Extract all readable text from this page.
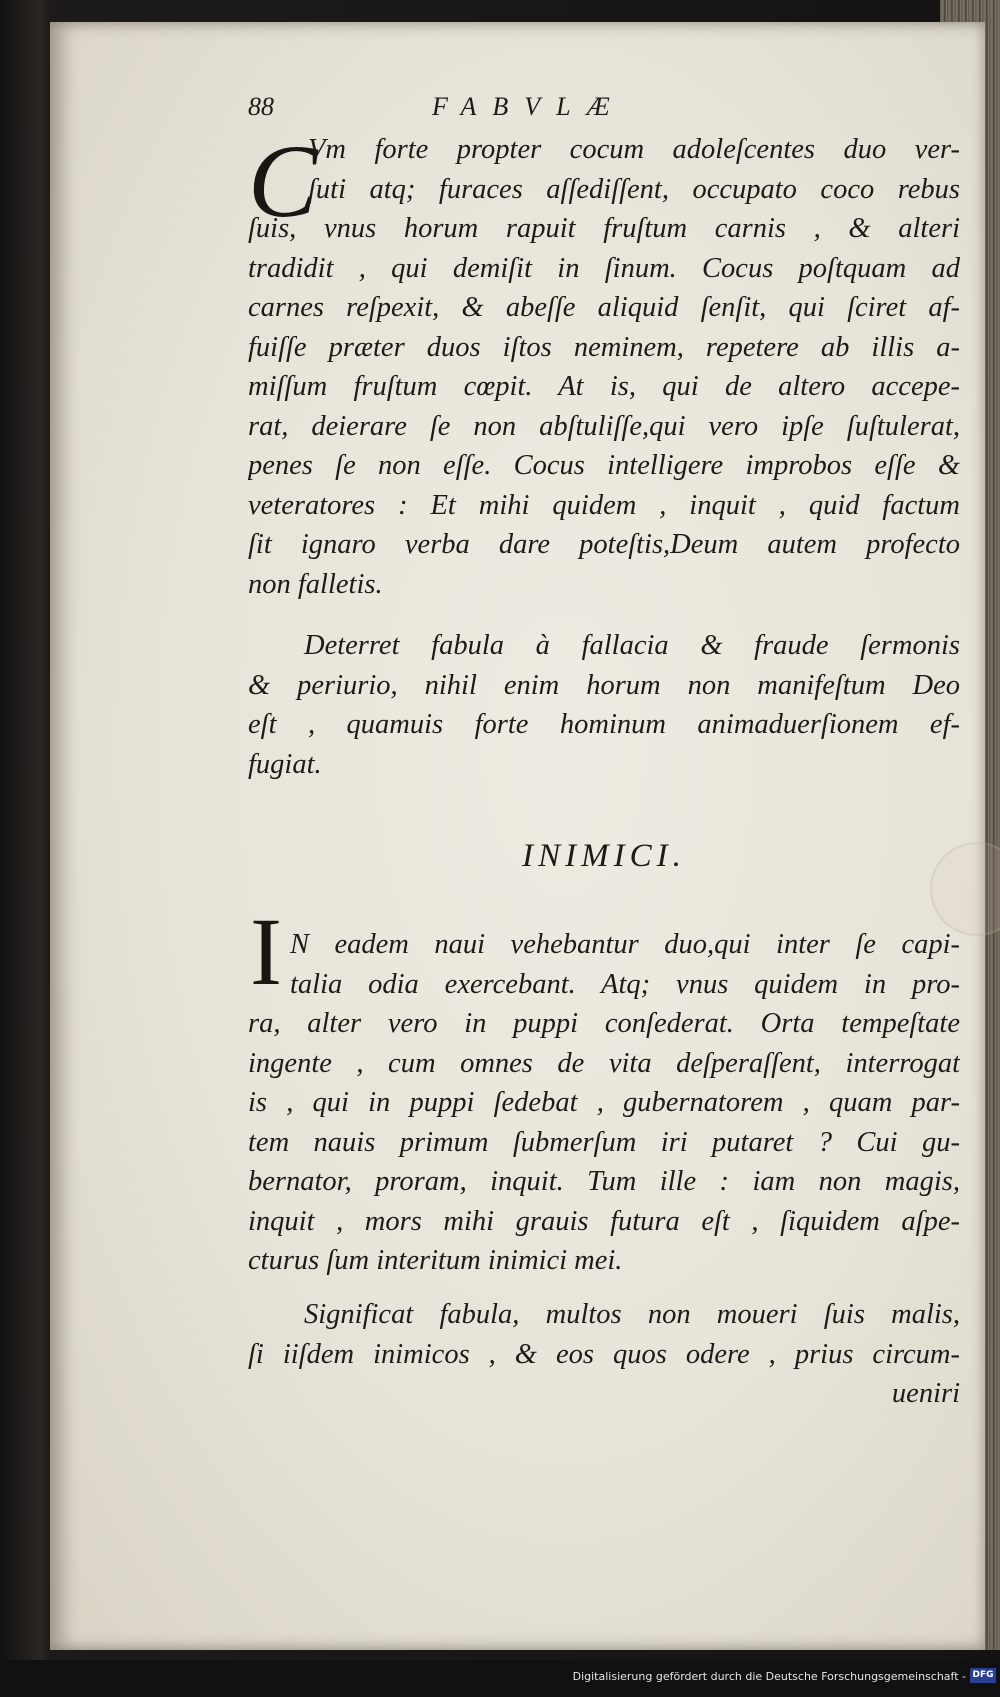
88	FABVLÆ
C
Vm forte propter cocum adoleſcentes duo ver-
ſuti atq; furaces aſſediſſent, occupato coco rebus
ſuis, vnus horum rapuit fruſtum carnis , & alteri
tradidit , qui demiſit in ſinum. Cocus poſtquam ad
carnes reſpexit, & abeſſe aliquid ſenſit, qui ſciret af-
fuiſſe præter duos iſtos neminem, repetere ab illis a-
miſſum fruſtum cœpit. At is, qui de altero accepe-
rat, deierare ſe non abſtuliſſe,qui vero ipſe ſuſtulerat,
penes ſe non eſſe. Cocus intelligere improbos eſſe &
veteratores : Et mihi quidem , inquit , quid factum
ſit ignaro verba dare poteſtis,Deum autem profecto
non falletis.
Deterret fabula à fallacia & fraude ſermonis
& periurio, nihil enim horum non manifeſtum Deo
eſt , quamuis forte hominum animaduerſionem ef-
fugiat.
INIMICI.
I N eadem naui vehebantur duo,qui inter ſe capi-
talia odia exercebant. Atq; vnus quidem in pro-
ra, alter vero in puppi conſederat. Orta tempeſtate
ingente , cum omnes de vita deſperaſſent, interrogat
is , qui in puppi ſedebat , gubernatorem , quam par-
tem nauis primum ſubmerſum iri putaret ? Cui gu-
bernator, proram, inquit. Tum ille : iam non magis,
inquit , mors mihi grauis futura eſt , ſiquidem aſpe-
cturus ſum interitum inimici mei.
Significat fabula, multos non moueri ſuis malis,
ſi iiſdem inimicos , & eos quos odere , prius circum-
ueniri
Digitalisierung gefördert durch die Deutsche Forschungsgemeinschaft - DFG
